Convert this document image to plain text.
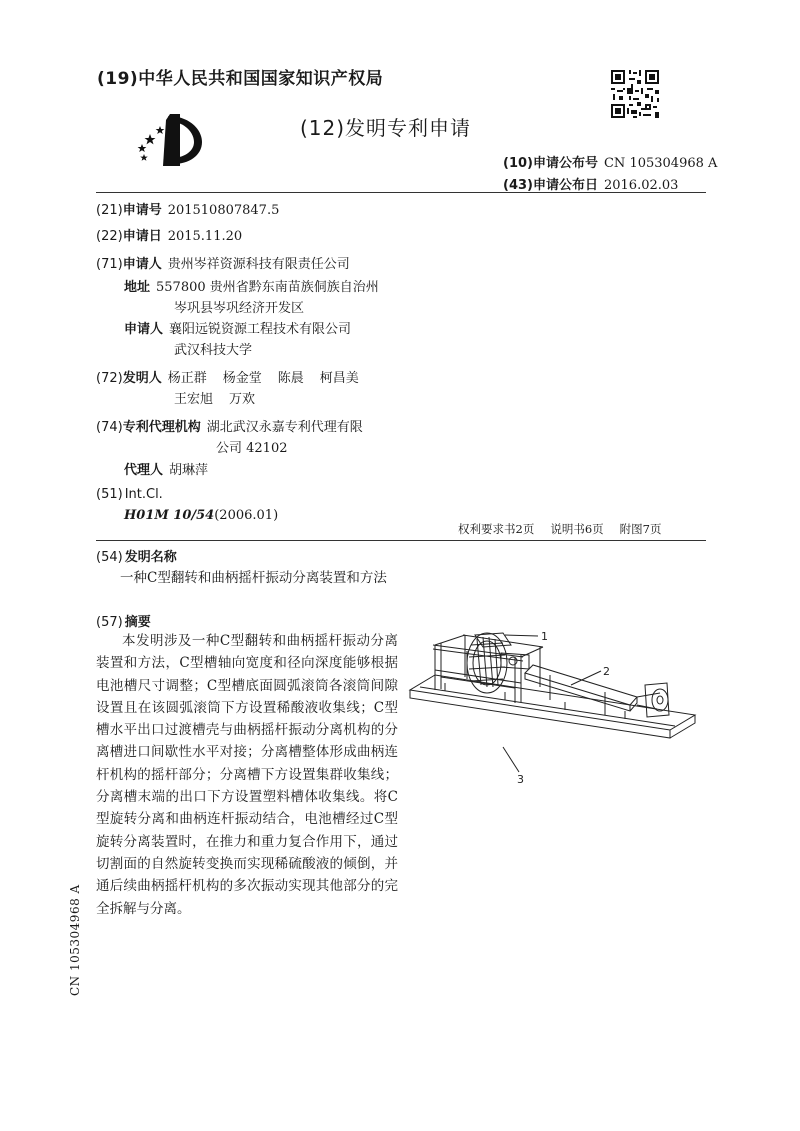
(19)中华人民共和国国家知识产权局
(12)发明专利申请
(10)申请公布号 CN 105304968 A
(43)申请公布日 2016.02.03
(21)申请号 201510807847.5
(22)申请日 2015.11.20
(71)申请人 贵州岑祥资源科技有限责任公司
地址 557800 贵州省黔东南苗族侗族自治州
岑巩县岑巩经济开发区
申请人 襄阳远锐资源工程技术有限公司
武汉科技大学
(72)发明人 杨正群 杨金堂 陈晨 柯昌美
王宏旭 万欢
(74)专利代理机构 湖北武汉永嘉专利代理有限
公司 42102
代理人 胡琳萍
(51) Int.Cl.
H01M 10/54(2006.01)
权利要求书2页 说明书6页 附图7页
(54) 发明名称
一种C型翻转和曲柄摇杆振动分离装置和方法
(57) 摘要
本发明涉及一种C型翻转和曲柄摇杆振动分离装置和方法，C型槽轴向宽度和径向深度能够根据电池槽尺寸调整；C型槽底面圆弧滚筒各滚筒间隙设置且在该圆弧滚筒下方设置稀酸液收集线；C型槽水平出口过渡槽壳与曲柄摇杆振动分离机构的分离槽进口间歇性水平对接；分离槽整体形成曲柄连杆机构的摇杆部分；分离槽下方设置集群收集线；分离槽末端的出口下方设置塑料槽体收集线。将C型旋转分离和曲柄连杆振动结合，电池槽经过C型旋转分离装置时，在推力和重力复合作用下，通过切割面的自然旋转变换而实现稀硫酸液的倾倒，并通后续曲柄摇杆机构的多次振动实现其他部分的完全拆解与分离。
1
2
3
CN 105304968 A
